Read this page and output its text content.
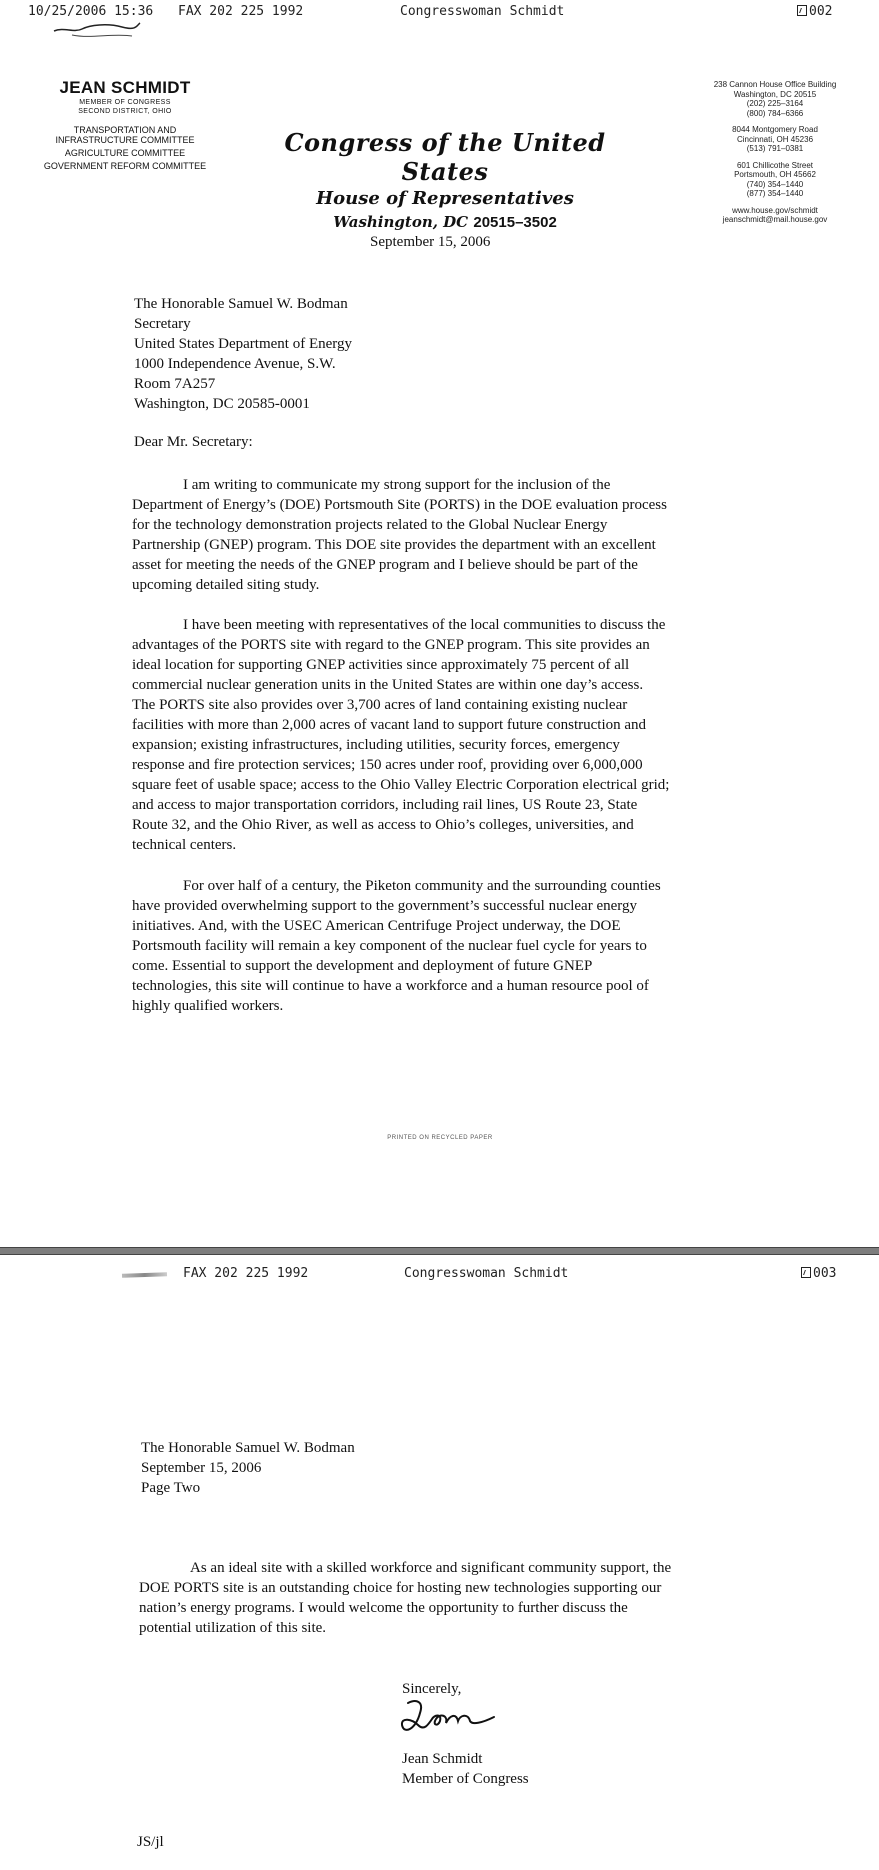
10/25/2006 15:36 FAX 202 225 1992	Congresswoman Schmidt	002
JEAN SCHMIDT
MEMBER OF CONGRESS
SECOND DISTRICT, OHIO
TRANSPORTATION AND INFRASTRUCTURE COMMITTEE
AGRICULTURE COMMITTEE
GOVERNMENT REFORM COMMITTEE
Congress of the United States
House of Representatives
Washington, DC 20515–3502
238 Cannon House Office Building
Washington, DC 20515
(202) 225–3164
(800) 784–6366
8044 Montgomery Road
Cincinnati, OH 45236
(513) 791–0381
601 Chillicothe Street
Portsmouth, OH 45662
(740) 354–1440
(877) 354–1440
www.house.gov/schmidt
jeanschmidt@mail.house.gov
September 15, 2006
The Honorable Samuel W. Bodman
Secretary
United States Department of Energy
1000 Independence Avenue, S.W.
Room 7A257
Washington, DC 20585-0001
Dear Mr. Secretary:
I am writing to communicate my strong support for the inclusion of the
Department of Energy’s (DOE) Portsmouth Site (PORTS) in the DOE evaluation process
for the technology demonstration projects related to the Global Nuclear Energy
Partnership (GNEP) program. This DOE site provides the department with an excellent
asset for meeting the needs of the GNEP program and I believe should be part of the
upcoming detailed siting study.
I have been meeting with representatives of the local communities to discuss the
advantages of the PORTS site with regard to the GNEP program. This site provides an
ideal location for supporting GNEP activities since approximately 75 percent of all
commercial nuclear generation units in the United States are within one day’s access.
The PORTS site also provides over 3,700 acres of land containing existing nuclear
facilities with more than 2,000 acres of vacant land to support future construction and
expansion; existing infrastructures, including utilities, security forces, emergency
response and fire protection services; 150 acres under roof, providing over 6,000,000
square feet of usable space; access to the Ohio Valley Electric Corporation electrical grid;
and access to major transportation corridors, including rail lines, US Route 23, State
Route 32, and the Ohio River, as well as access to Ohio’s colleges, universities, and
technical centers.
For over half of a century, the Piketon community and the surrounding counties
have provided overwhelming support to the government’s successful nuclear energy
initiatives. And, with the USEC American Centrifuge Project underway, the DOE
Portsmouth facility will remain a key component of the nuclear fuel cycle for years to
come. Essential to support the development and deployment of future GNEP
technologies, this site will continue to have a workforce and a human resource pool of
highly qualified workers.
PRINTED ON RECYCLED PAPER
FAX 202 225 1992	Congresswoman Schmidt	003
The Honorable Samuel W. Bodman
September 15, 2006
Page Two
As an ideal site with a skilled workforce and significant community support, the
DOE PORTS site is an outstanding choice for hosting new technologies supporting our
nation’s energy programs. I would welcome the opportunity to further discuss the
potential utilization of this site.
Sincerely,
Jean
Jean Schmidt
Member of Congress
JS/jl
